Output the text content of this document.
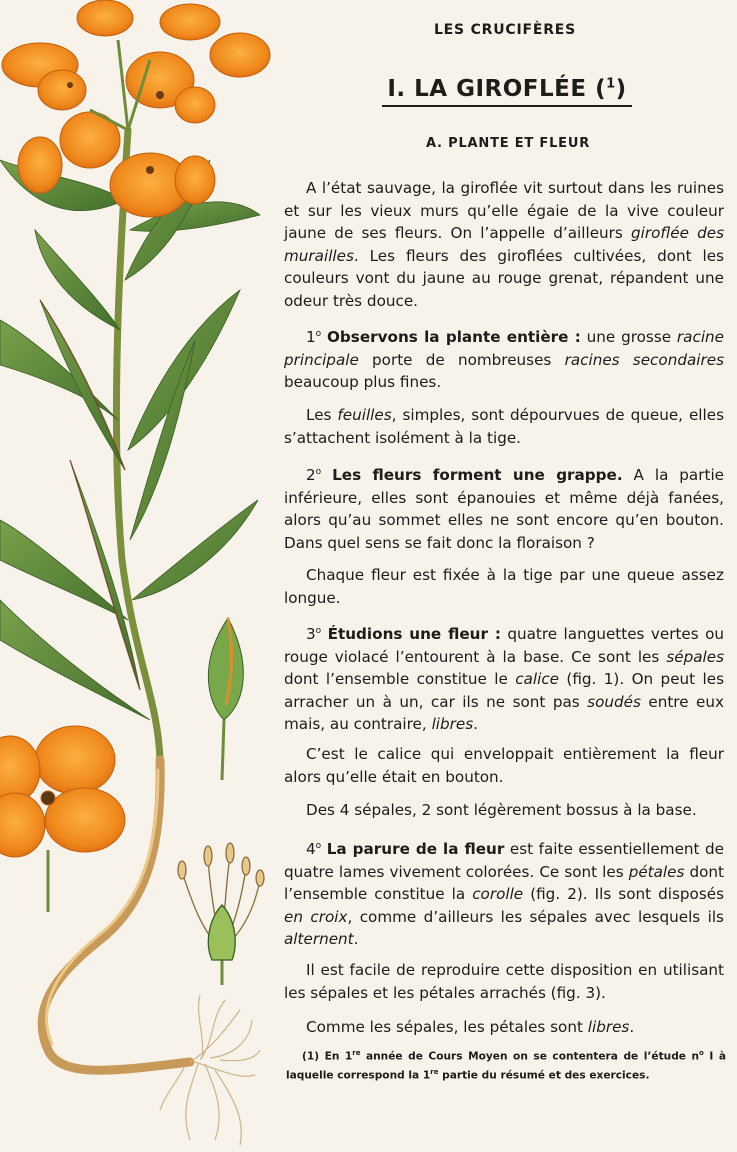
LES CRUCIFÈRES
I. LA GIROFLÉE ($^1$)
A. PLANTE ET FLEUR

A l’état sauvage, la giroflée vit surtout dans les ruines et sur les vieux murs qu’elle égaie de la vive couleur jaune de ses fleurs. On l’appelle d’ailleurs giroflée des murailles. Les fleurs des giroflées cultivées, dont les couleurs vont du jaune au rouge grenat, répandent une odeur très douce.

1$^o$ Observons la plante entière : une grosse racine principale porte de nombreuses racines secondaires beaucoup plus fines.

Les feuilles, simples, sont dépourvues de queue, elles s’attachent isolément à la tige.

2$^o$ Les fleurs forment une grappe. A la partie inférieure, elles sont épanouies et même déjà fanées, alors qu’au sommet elles ne sont encore qu’en bouton. Dans quel sens se fait donc la floraison ?

Chaque fleur est fixée à la tige par une queue assez longue.

3$^o$ Étudions une fleur : quatre languettes vertes ou rouge violacé l’entourent à la base. Ce sont les sépales dont l’ensemble constitue le calice (fig. 1). On peut les arracher un à un, car ils ne sont pas soudés entre eux mais, au contraire, libres.

C’est le calice qui enveloppait entièrement la fleur alors qu’elle était en bouton.

Des 4 sépales, 2 sont légèrement bossus à la base.

4$^o$ La parure de la fleur est faite essentiellement de quatre lames vivement colorées. Ce sont les pétales dont l’ensemble constitue la corolle (fig. 2). Ils sont disposés en croix, comme d’ailleurs les sépales avec lesquels ils alternent.

Il est facile de reproduire cette disposition en utilisant les sépales et les pétales arrachés (fig. 3).

Comme les sépales, les pétales sont libres.

(1) En 1re année de Cours Moyen on se contentera de l’étude $n^o$ I à laquelle correspond la 1re partie du résumé et des exercices.
